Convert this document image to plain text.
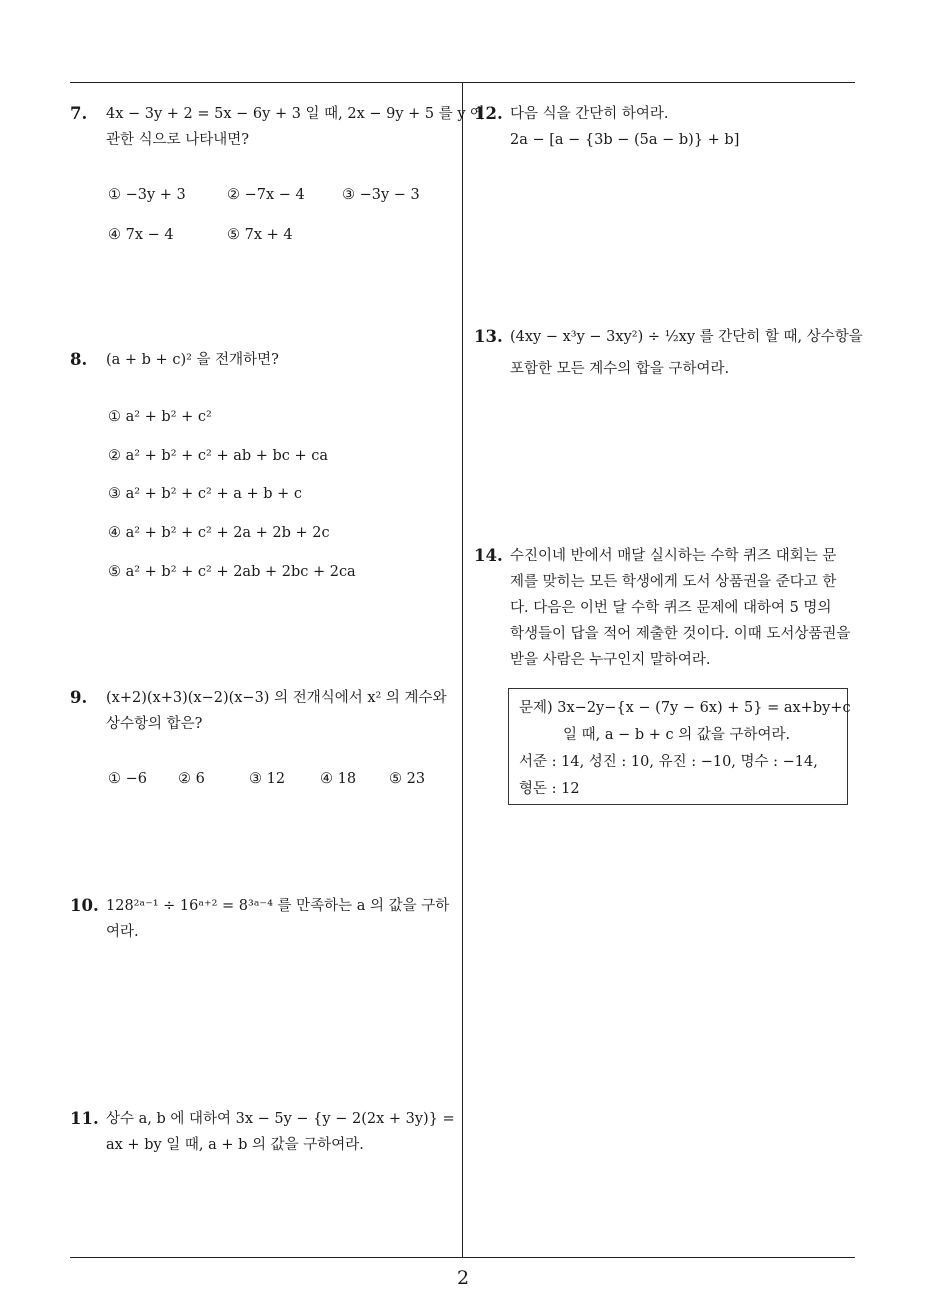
7. 4x − 3y + 2 = 5x − 6y + 3 일 때, 2x − 9y + 5 를 y 에
관한 식으로 나타내면?
① −3y + 3	② −7x − 4	③ −3y − 3
④ 7x − 4	⑤ 7x + 4
8. (a + b + c)² 을 전개하면?
① a² + b² + c²
② a² + b² + c² + ab + bc + ca
③ a² + b² + c² + a + b + c
④ a² + b² + c² + 2a + 2b + 2c
⑤ a² + b² + c² + 2ab + 2bc + 2ca
9. (x+2)(x+3)(x−2)(x−3) 의 전개식에서 x² 의 계수와
상수항의 합은?
① −6 ② 6	③ 12 ④ 18 ⑤ 23
10. 128²ᵃ⁻¹ ÷ 16ᵃ⁺² = 8³ᵃ⁻⁴ 를 만족하는 a 의 값을 구하
여라.
11. 상수 a, b 에 대하여 3x − 5y − {y − 2(2x + 3y)} =
ax + by 일 때, a + b 의 값을 구하여라.
12. 다음 식을 간단히 하여라.
2a − [a − {3b − (5a − b)} + b]
13. (4xy − x³y − 3xy²) ÷ ½xy 를 간단히 할 때, 상수항을
포함한 모든 계수의 합을 구하여라.
14. 수진이네 반에서 매달 실시하는 수학 퀴즈 대회는 문
제를 맞히는 모든 학생에게 도서 상품권을 준다고 한
다. 다음은 이번 달 수학 퀴즈 문제에 대하여 5 명의
학생들이 답을 적어 제출한 것이다. 이때 도서상품권을
받을 사람은 누구인지 말하여라.
문제) 3x−2y−{x − (7y − 6x) + 5} = ax+by+c
일 때, a − b + c 의 값을 구하여라.
서준 : 14, 성진 : 10, 유진 : −10, 명수 : −14,
형돈 : 12
2
